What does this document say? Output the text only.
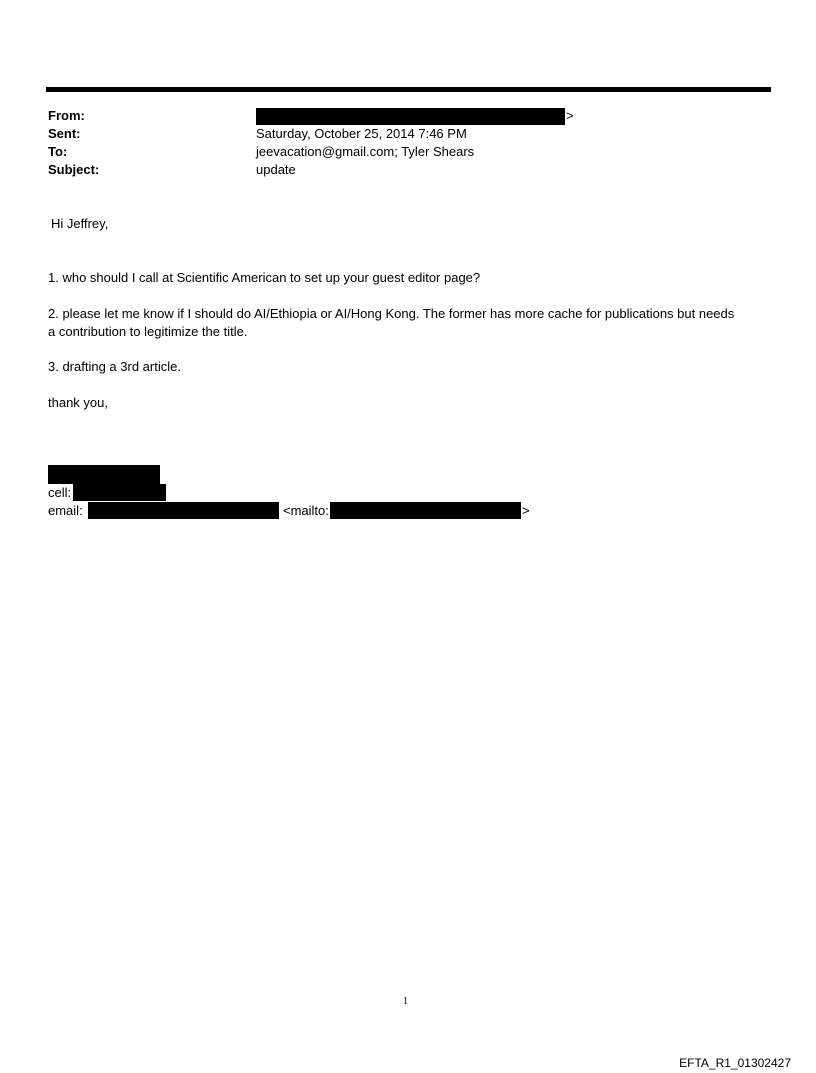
From:	>
Sent:	Saturday, October 25, 2014 7:46 PM
To:	jeevacation@gmail.com; Tyler Shears
Subject:	update
Hi Jeffrey,
1. who should I call at Scientific American to set up your guest editor page?
2. please let me know if I should do AI/Ethiopia or AI/Hong Kong. The former has more cache for publications but needs
a contribution to legitimize the title.
3. drafting a 3rd article.
thank you,
cell:
email:	<mailto:	>
1
EFTA_R1_01302427
